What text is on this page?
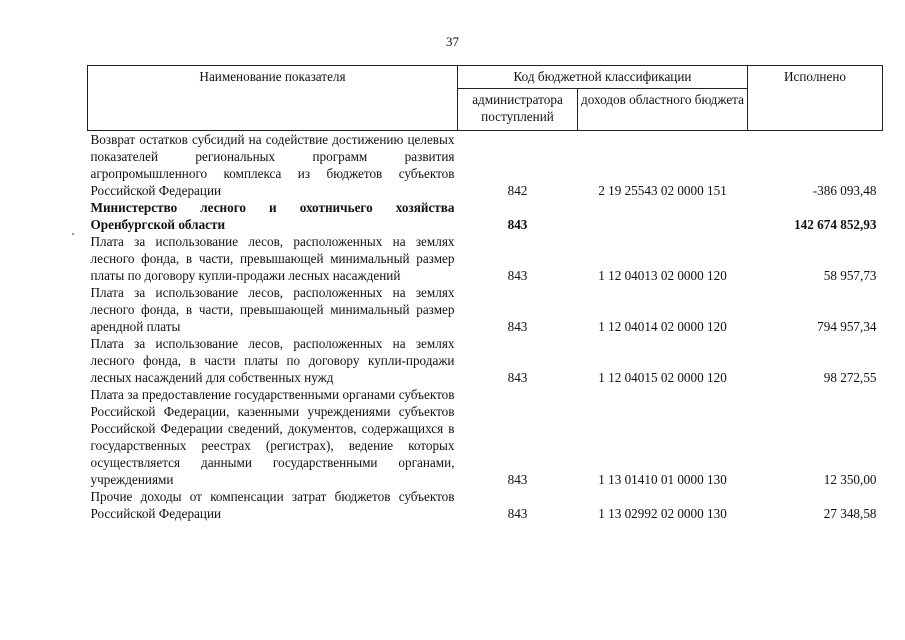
37
Наименование показателя	Код бюджетной классификации		Исполнено
	администратора поступлений	доходов областного бюджета	
Возврат остатков субсидий на содействие достижению целевых показателей региональных программ развития агропромышленного комплекса из бюджетов субъектов Российской Федерации	842	2 19 25543 02 0000 151	-386 093,48
Министерство лесного и охотничьего хозяйства Оренбургской области	843		142 674 852,93
Плата за использование лесов, расположенных на землях лесного фонда, в части, превышающей минимальный размер платы по договору купли-продажи лесных насаждений	843	1 12 04013 02 0000 120	58 957,73
Плата за использование лесов, расположенных на землях лесного фонда, в части, превышающей минимальный размер арендной платы	843	1 12 04014 02 0000 120	794 957,34
Плата за использование лесов, расположенных на землях лесного фонда, в части платы по договору купли-продажи лесных насаждений для собственных нужд	843	1 12 04015 02 0000 120	98 272,55
Плата за предоставление государственными органами субъектов Российской Федерации, казенными учреждениями субъектов Российской Федерации сведений, документов, содержащихся в государственных реестрах (регистрах), ведение которых осуществляется данными государственными органами, учреждениями	843	1 13 01410 01 0000 130	12 350,00
Прочие доходы от компенсации затрат бюджетов субъектов Российской Федерации	843	1 13 02992 02 0000 130	27 348,58
